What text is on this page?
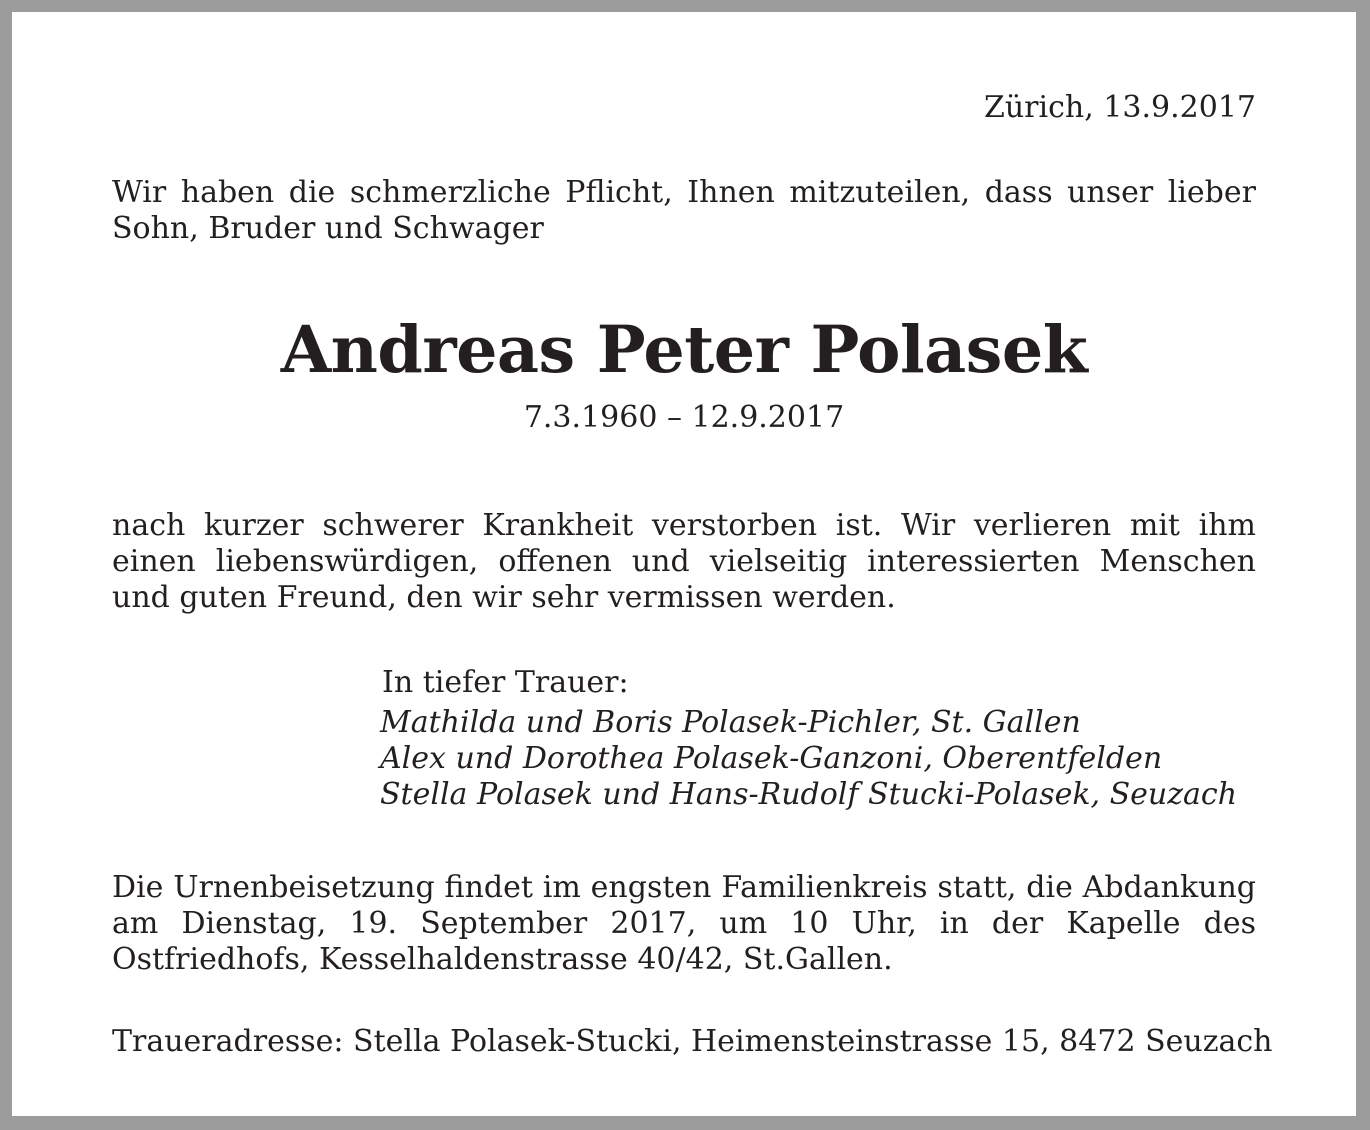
Zürich, 13.9.2017
Wir haben die schmerzliche Pflicht, Ihnen mitzuteilen, dass unser lieber Sohn, Bruder und Schwager
Andreas Peter Polasek
7.3.1960 – 12.9.2017
nach kurzer schwerer Krankheit verstorben ist. Wir verlieren mit ihm einen liebenswürdigen, offenen und vielseitig interessierten Menschen und guten Freund, den wir sehr vermissen werden.
In tiefer Trauer:
Mathilda und Boris Polasek-Pichler, St. Gallen
Alex und Dorothea Polasek-Ganzoni, Oberentfelden
Stella Polasek und Hans-Rudolf Stucki-Polasek, Seuzach
Die Urnenbeisetzung findet im engsten Familienkreis statt, die Abdankung am Dienstag, 19. September 2017, um 10 Uhr, in der Kapelle des Ostfriedhofs, Kesselhaldenstrasse 40/42, St.Gallen.
Traueradresse: Stella Polasek-Stucki, Heimensteinstrasse 15, 8472 Seuzach
